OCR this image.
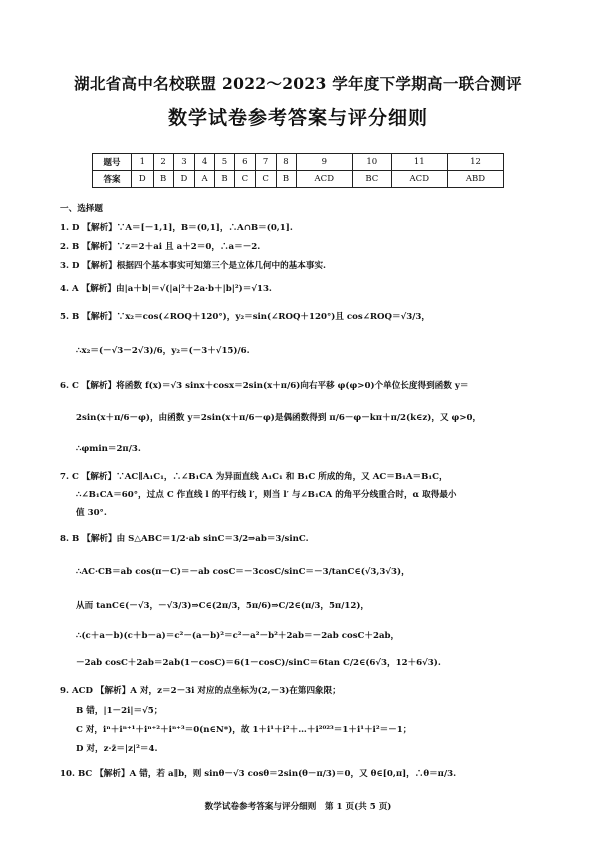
湖北省高中名校联盟 2022～2023 学年度下学期高一联合测评
数学试卷参考答案与评分细则
题号	1	2	3	4	5	6	7	8	9	10	11	12
答案	D	B	D	A	B	C	C	B	ACD	BC	ACD	ABD
一、选择题
1. D 【解析】∵A＝[－1,1]，B＝(0,1]，∴A∩B＝(0,1].
2. B 【解析】∵z＝2＋ai 且 a＋2＝0，∴a＝－2.
3. D 【解析】根据四个基本事实可知第三个是立体几何中的基本事实.
4. A 【解析】由|a＋b|＝√(|a|²＋2a·b＋|b|²)＝√13.
5. B 【解析】∵x₂＝cos(∠ROQ＋120°)，y₂＝sin(∠ROQ＋120°)且 cos∠ROQ＝√3/3，
∴x₂＝(－√3－2√3)/6，y₂＝(－3＋√15)/6.
6. C 【解析】将函数 f(x)＝√3 sinx＋cosx＝2sin(x＋π/6)向右平移 φ(φ>0)个单位长度得到函数 y＝
2sin(x＋π/6－φ)，由函数 y＝2sin(x＋π/6－φ)是偶函数得到 π/6－φ－kπ＋π/2(k∈z)，又 φ>0，
∴φmin＝2π/3.
7. C 【解析】∵AC∥A₁C₁，∴∠B₁CA 为异面直线 A₁C₁ 和 B₁C 所成的角，又 AC＝B₁A＝B₁C，
∴∠B₁CA＝60°，过点 C 作直线 l 的平行线 l′，则当 l′ 与∠B₁CA 的角平分线重合时，α 取得最小
值 30°.
8. B 【解析】由 S△ABC＝1/2·ab sinC＝3/2⇒ab＝3/sinC.
∴AC·CB＝ab cos(π－C)＝－ab cosC＝－3cosC/sinC＝－3/tanC∈(√3,3√3)，
从而 tanC∈(－√3，－√3/3)⇒C∈(2π/3，5π/6)⇒C/2∈(π/3，5π/12)，
∴(c＋a－b)(c＋b－a)＝c²－(a－b)²＝c²－a²－b²＋2ab＝－2ab cosC＋2ab，
－2ab cosC＋2ab＝2ab(1－cosC)＝6(1－cosC)/sinC＝6tan C/2∈(6√3，12＋6√3).
9. ACD 【解析】A 对，z＝2－3i 对应的点坐标为(2,－3)在第四象限；
B 错，|1－2i|＝√5；
C 对，iⁿ＋iⁿ⁺¹＋iⁿ⁺²＋iⁿ⁺³＝0(n∈N*)，故 1＋i¹＋i²＋…＋i²⁰²³＝1＋i¹＋i²＝－1；
D 对，z·z̄＝|z|²＝4.
10. BC 【解析】A 错，若 a∥b，则 sinθ－√3 cosθ＝2sin(θ－π/3)＝0，又 θ∈[0,π]，∴θ＝π/3.
数学试卷参考答案与评分细则　第 1 页(共 5 页)
